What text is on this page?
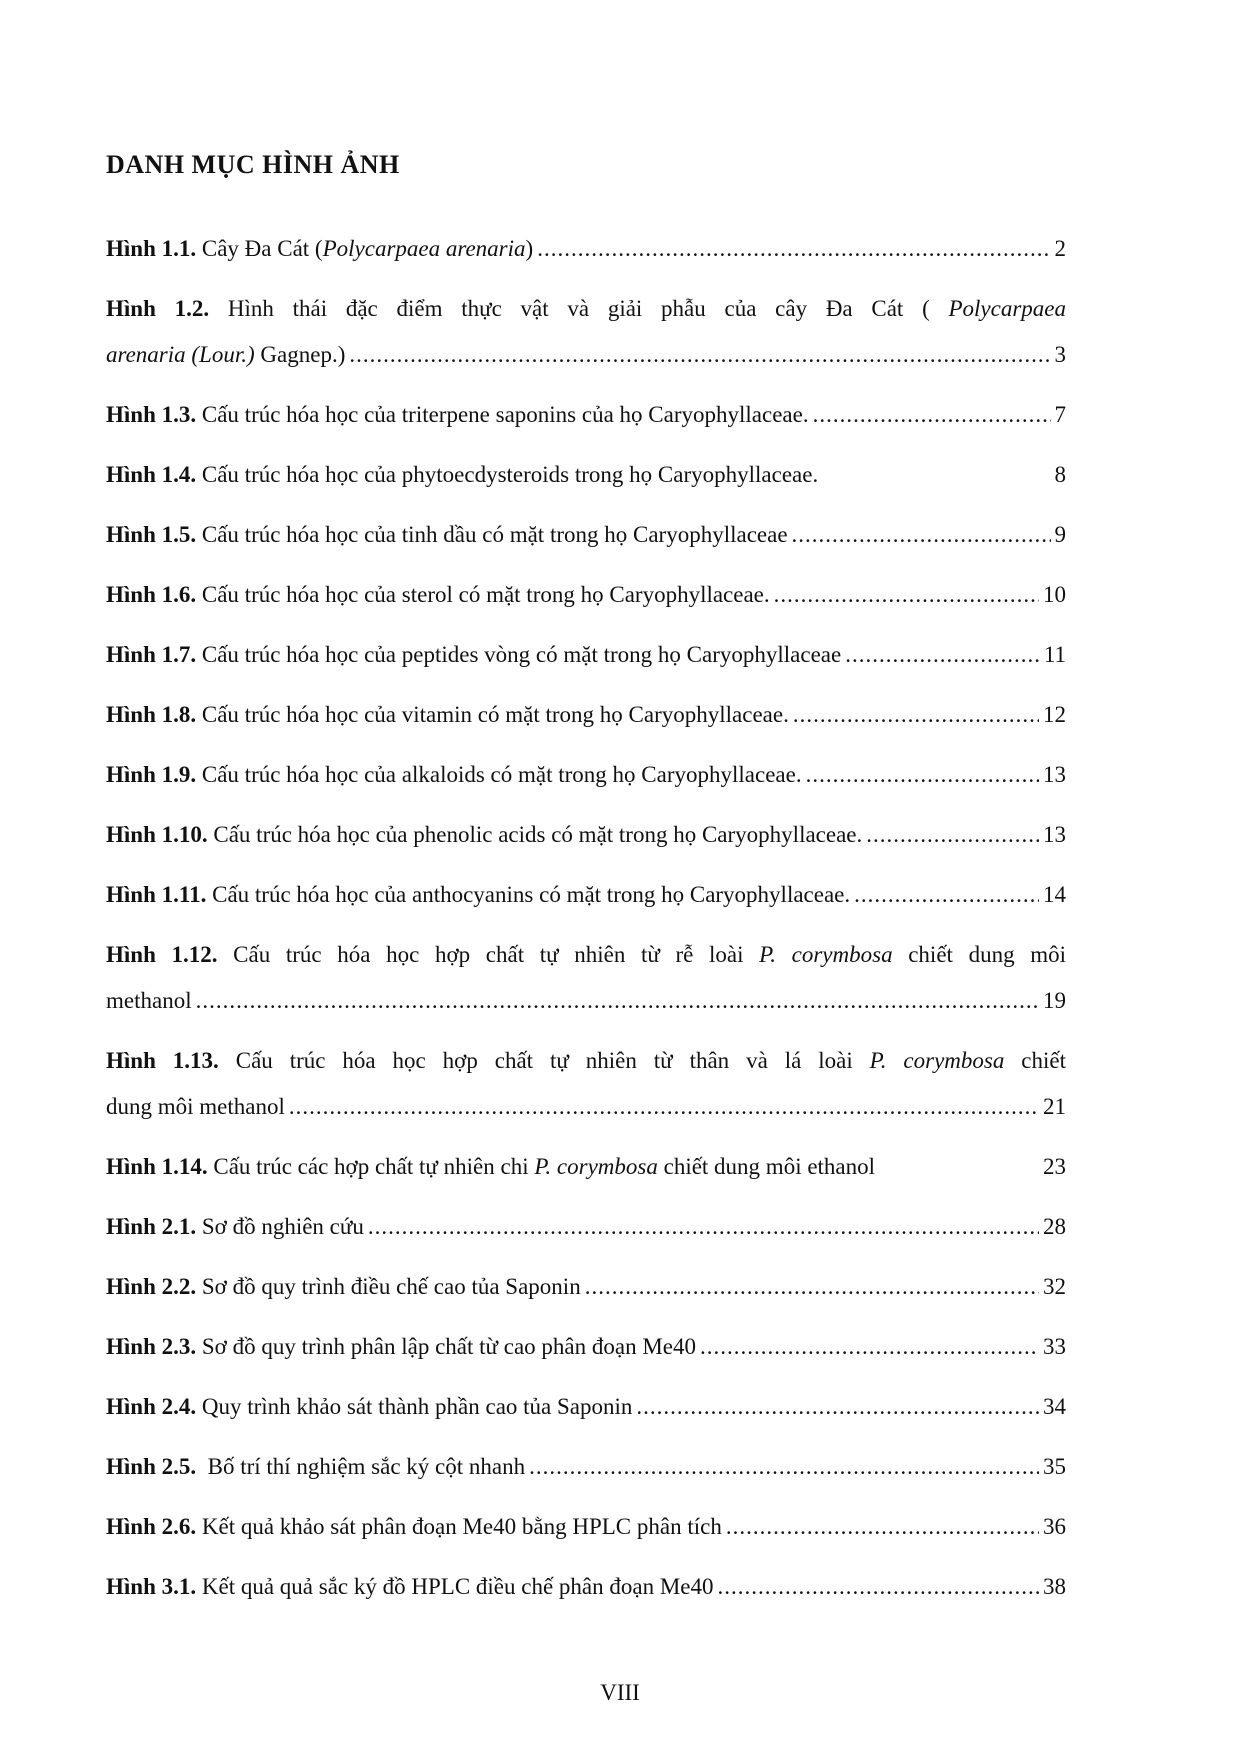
DANH MỤC HÌNH ẢNH
Hình 1.1. Cây Đa Cát (Polycarpaea arenaria) .....	2
Hình 1.2. Hình thái đặc điểm thực vật và giải phẫu của cây Đa Cát ( Polycarpaea
arenaria (Lour.) Gagnep.) .....	3
Hình 1.3. Cấu trúc hóa học của triterpene saponins của họ Caryophyllaceae. .....	7
Hình 1.4. Cấu trúc hóa học của phytoecdysteroids trong họ Caryophyllaceae.	8
Hình 1.5. Cấu trúc hóa học của tinh dầu có mặt trong họ Caryophyllaceae .....	9
Hình 1.6. Cấu trúc hóa học của sterol có mặt trong họ Caryophyllaceae. .....	10
Hình 1.7. Cấu trúc hóa học của peptides vòng có mặt trong họ Caryophyllaceae .....	11
Hình 1.8. Cấu trúc hóa học của vitamin có mặt trong họ Caryophyllaceae. .....	12
Hình 1.9. Cấu trúc hóa học của alkaloids có mặt trong họ Caryophyllaceae. .....	13
Hình 1.10. Cấu trúc hóa học của phenolic acids có mặt trong họ Caryophyllaceae. .....	13
Hình 1.11. Cấu trúc hóa học của anthocyanins có mặt trong họ Caryophyllaceae. .....	14
Hình 1.12. Cấu trúc hóa học hợp chất tự nhiên từ rễ loài P. corymbosa chiết dung môi
methanol .....	19
Hình 1.13. Cấu trúc hóa học hợp chất tự nhiên từ thân và lá loài P. corymbosa chiết
dung môi methanol .....	21
Hình 1.14. Cấu trúc các hợp chất tự nhiên chi P. corymbosa chiết dung môi ethanol	23
Hình 2.1. Sơ đồ nghiên cứu .....	28
Hình 2.2. Sơ đồ quy trình điều chế cao tủa Saponin .....	32
Hình 2.3. Sơ đồ quy trình phân lập chất từ cao phân đoạn Me40 .....	33
Hình 2.4. Quy trình khảo sát thành phần cao tủa Saponin .....	34
Hình 2.5.  Bố trí thí nghiệm sắc ký cột nhanh .....	35
Hình 2.6. Kết quả khảo sát phân đoạn Me40 bằng HPLC phân tích .....	36
Hình 3.1. Kết quả quả sắc ký đồ HPLC điều chế phân đoạn Me40 .....	38
VIII
